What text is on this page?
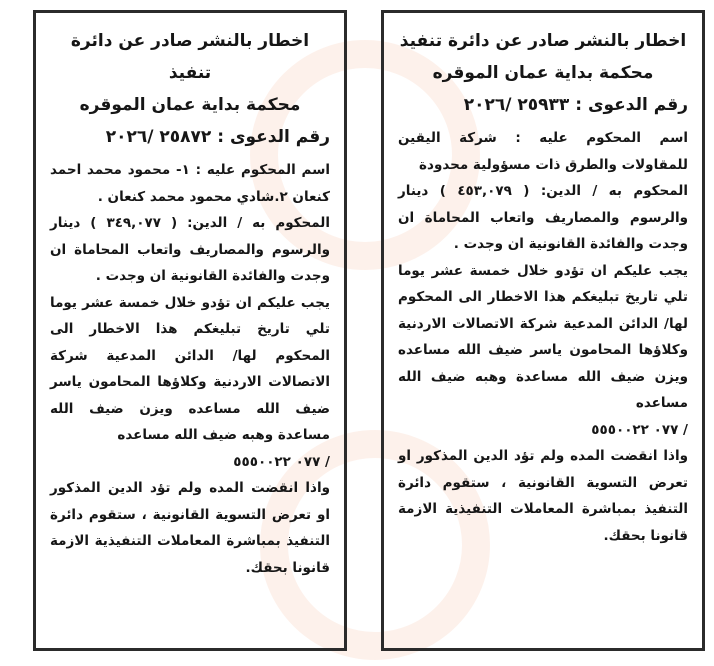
اخطار بالنشر صادر عن دائرة تنفيذ

محكمة بداية عمان الموقره

رقم الدعوى : ٢٥٩٣٣ /٢٠٢٦

اسم المحكوم عليه : شركة اليقين للمقاولات والطرق ذات مسؤولية محدودة

المحكوم به / الدين: ( ٤٥٣,٠٧٩ ) دينار والرسوم والمصاريف واتعاب المحاماة ان وجدت والفائدة القانونية ان وجدت .

يجب عليكم ان تؤدو خلال خمسة عشر يوما تلي تاريخ تبليغكم هذا الاخطار الى المحكوم لها/ الدائن المدعية شركة الاتصالات الاردنية وكلاؤها المحامون ياسر ضيف الله مساعده ويزن ضيف الله مساعدة وهبه ضيف الله مساعده

٠٧٧ ٥٥٥٠٠٢٢ /

واذا انقضت المده ولم تؤد الدين المذكور او تعرض التسوية القانونية ، ستقوم دائرة التنفيذ بمباشرة المعاملات التنفيذية الازمة قانونا بحقك.

اخطار بالنشر صادر عن دائرة تنفيذ

محكمة بداية عمان الموقره

رقم الدعوى : ٢٥٨٧٢ /٢٠٢٦

اسم المحكوم عليه : ١- محمود محمد احمد كنعان ٢.شادي محمود محمد كنعان .

المحكوم به / الدين: ( ٣٤٩,٠٧٧ ) دينار والرسوم والمصاريف واتعاب المحاماة ان وجدت والفائدة القانونية ان وجدت .

يجب عليكم ان تؤدو خلال خمسة عشر يوما تلي تاريخ تبليغكم هذا الاخطار الى المحكوم لها/ الدائن المدعية شركة الاتصالات الاردنية وكلاؤها المحامون ياسر ضيف الله مساعده ويزن ضيف الله مساعدة وهبه ضيف الله مساعده

٠٧٧ ٥٥٥٠٠٢٢ /

واذا انقضت المده ولم تؤد الدين المذكور او تعرض التسوية القانونية ، ستقوم دائرة التنفيذ بمباشرة المعاملات التنفيذية الازمة قانونا بحقك.
